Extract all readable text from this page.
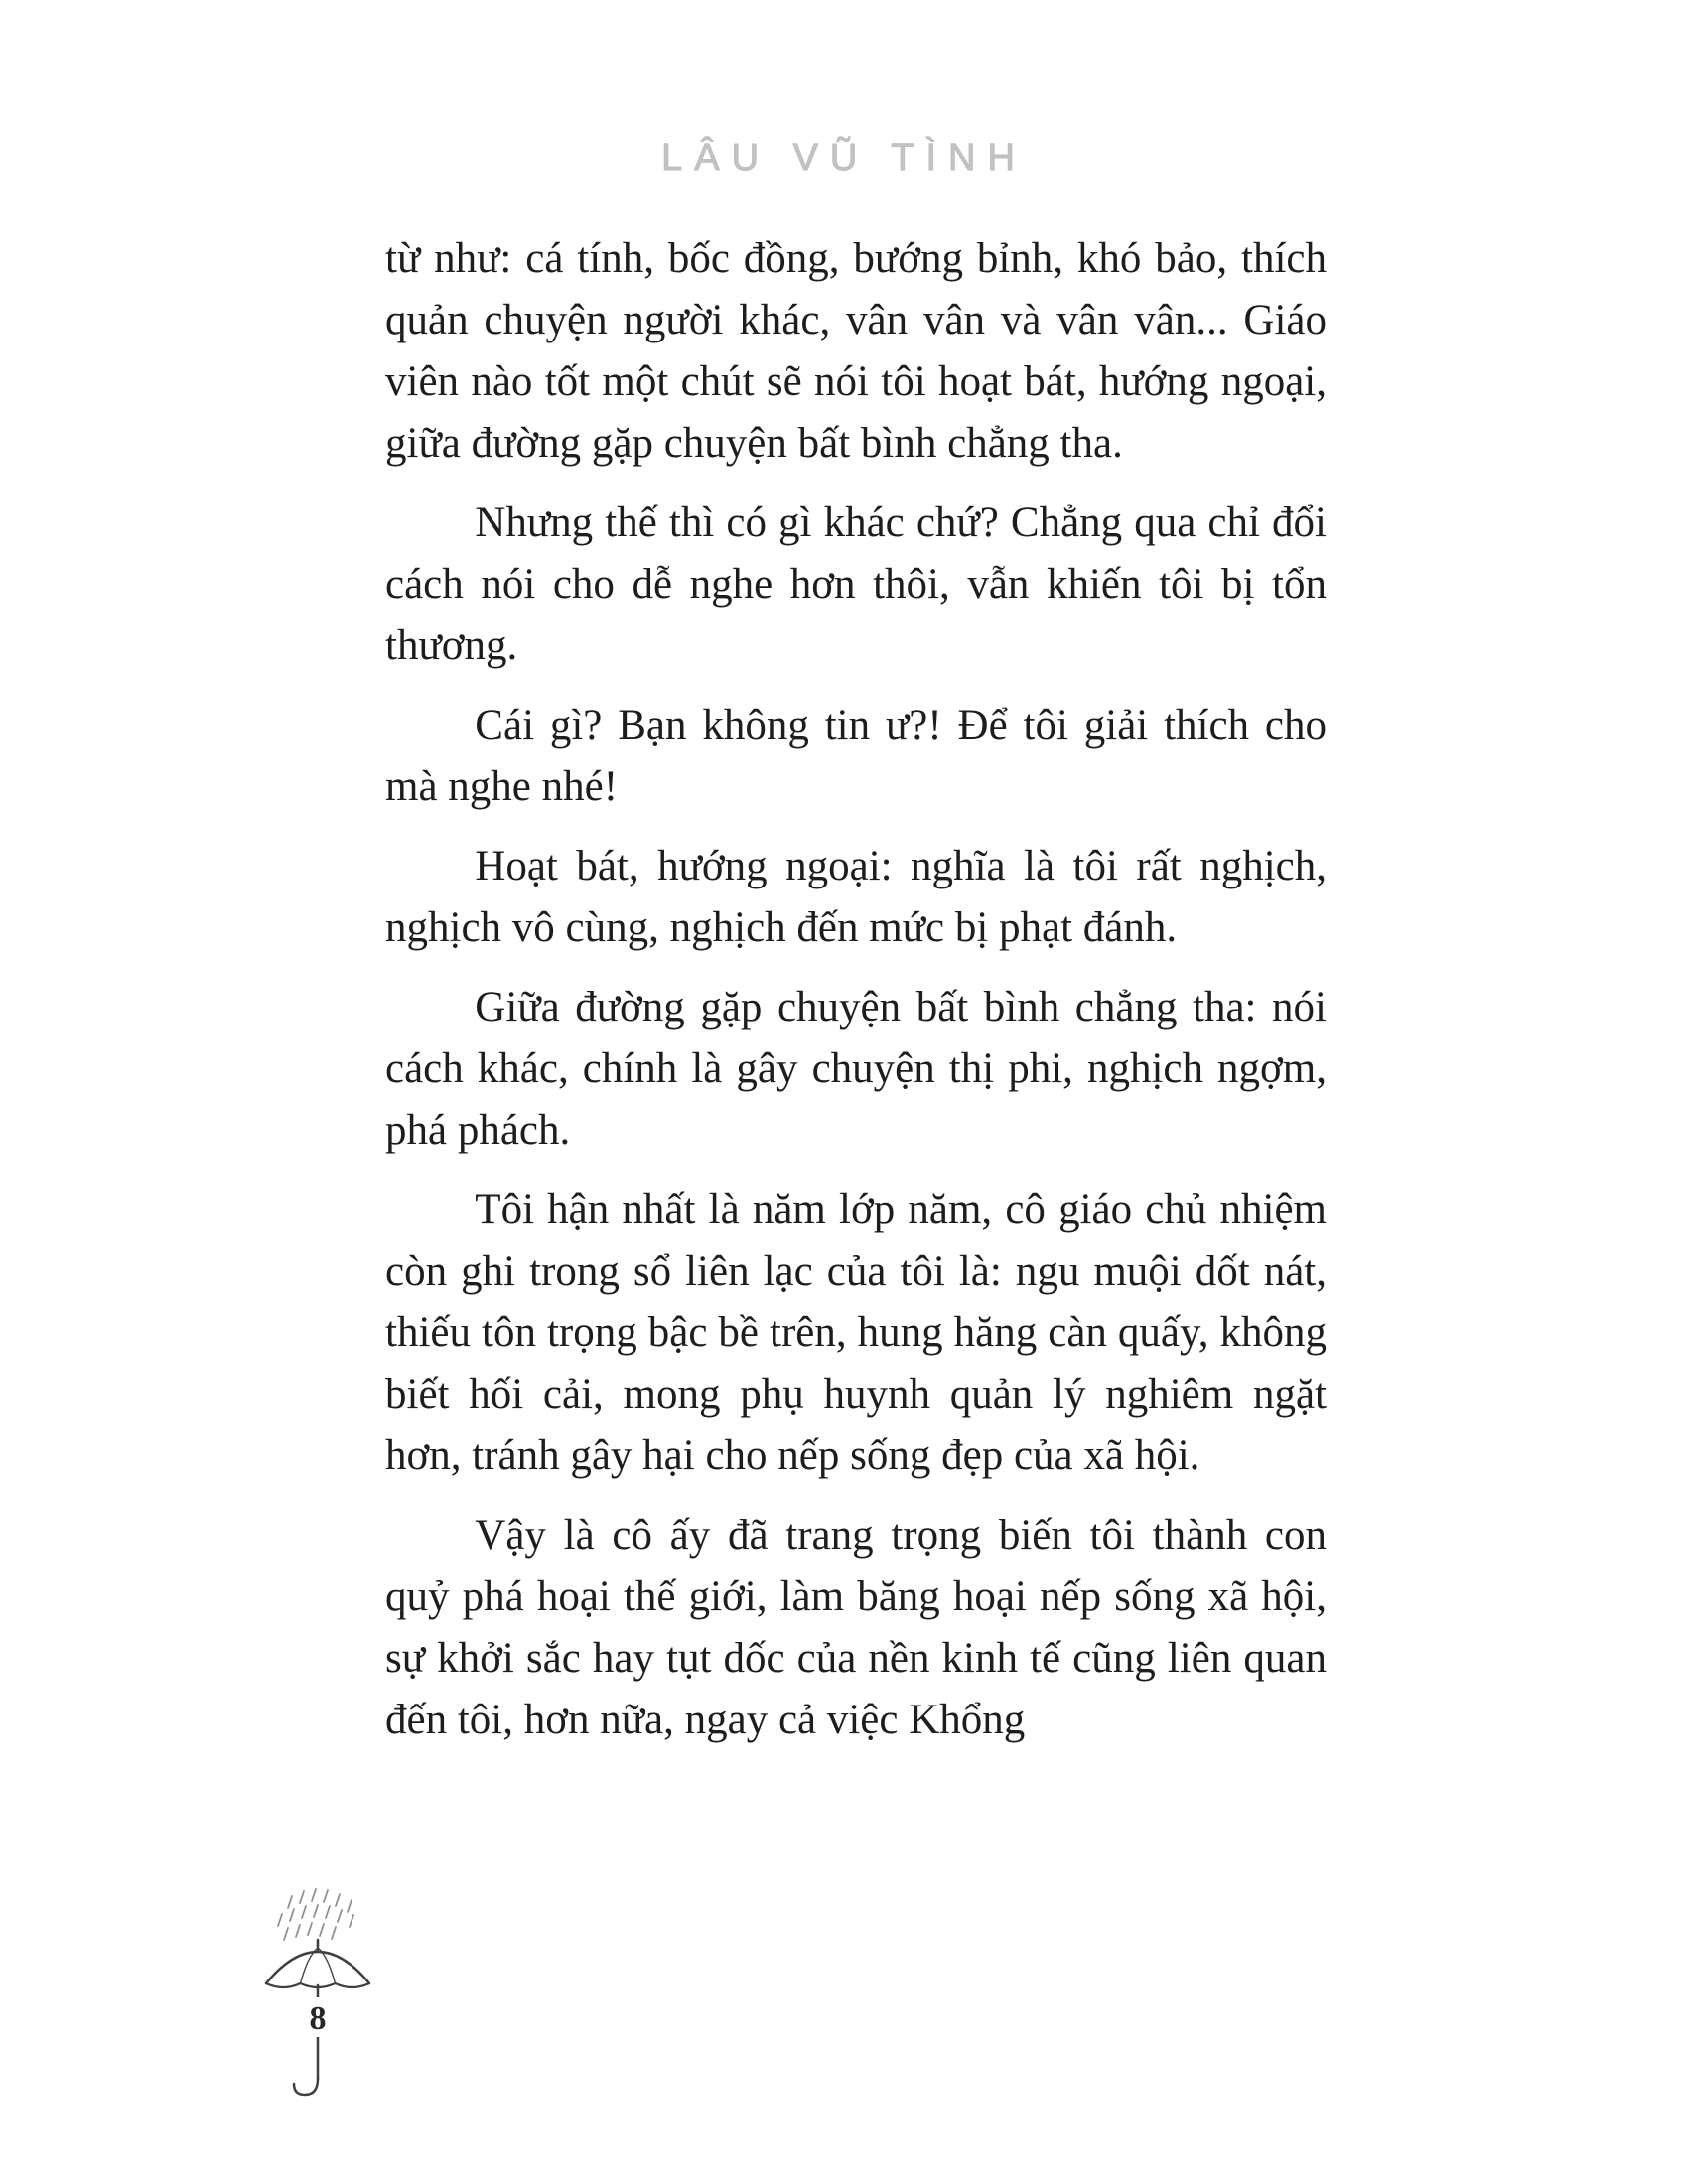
LÂU VŨ TÌNH

từ như: cá tính, bốc đồng, bướng bỉnh, khó bảo, thích quản chuyện người khác, vân vân và vân vân... Giáo viên nào tốt một chút sẽ nói tôi hoạt bát, hướng ngoại, giữa đường gặp chuyện bất bình chẳng tha.

Nhưng thế thì có gì khác chứ? Chẳng qua chỉ đổi cách nói cho dễ nghe hơn thôi, vẫn khiến tôi bị tổn thương.

Cái gì? Bạn không tin ư?! Để tôi giải thích cho mà nghe nhé!

Hoạt bát, hướng ngoại: nghĩa là tôi rất nghịch, nghịch vô cùng, nghịch đến mức bị phạt đánh.

Giữa đường gặp chuyện bất bình chẳng tha: nói cách khác, chính là gây chuyện thị phi, nghịch ngợm, phá phách.

Tôi hận nhất là năm lớp năm, cô giáo chủ nhiệm còn ghi trong sổ liên lạc của tôi là: ngu muội dốt nát, thiếu tôn trọng bậc bề trên, hung hăng càn quấy, không biết hối cải, mong phụ huynh quản lý nghiêm ngặt hơn, tránh gây hại cho nếp sống đẹp của xã hội.

Vậy là cô ấy đã trang trọng biến tôi thành con quỷ phá hoại thế giới, làm băng hoại nếp sống xã hội, sự khởi sắc hay tụt dốc của nền kinh tế cũng liên quan đến tôi, hơn nữa, ngay cả việc Khổng

8
